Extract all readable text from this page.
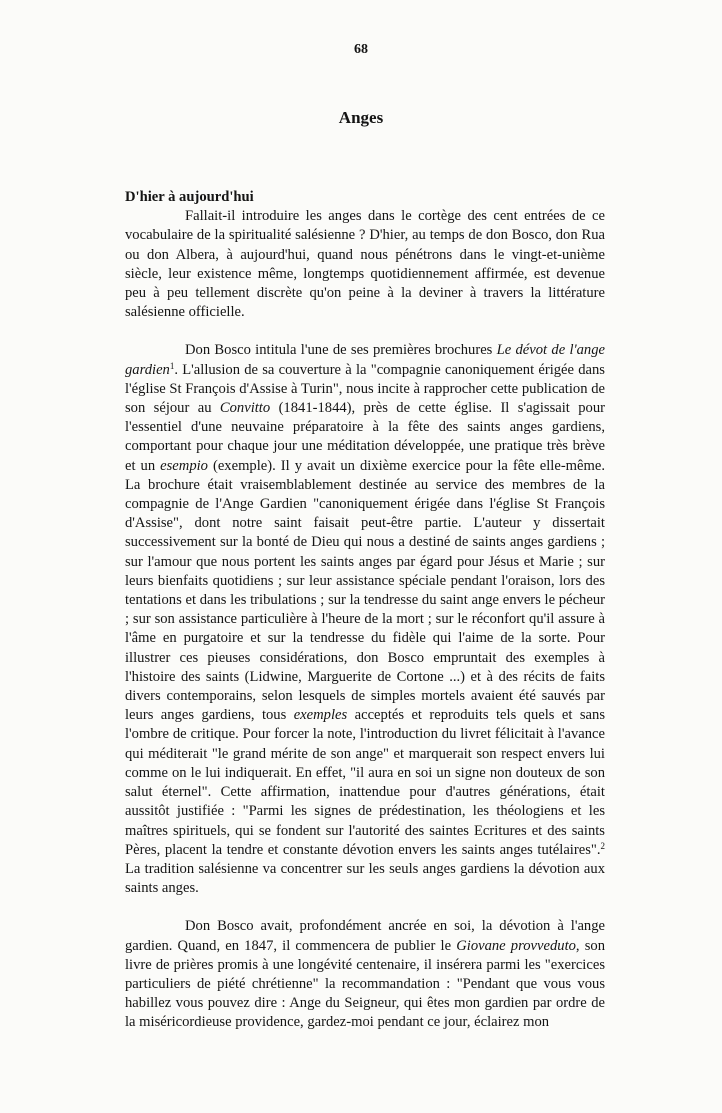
68
Anges
D'hier à aujourd'hui

Fallait-il introduire les anges dans le cortège des cent entrées de ce vocabulaire de la spiritualité salésienne ? D'hier, au temps de don Bosco, don Rua ou don Albera, à aujourd'hui, quand nous pénétrons dans le vingt-et-unième siècle, leur existence même, longtemps quotidiennement affirmée, est devenue peu à peu tellement discrète qu'on peine à la deviner à travers la littérature salésienne officielle.

Don Bosco intitula l'une de ses premières brochures Le dévot de l'ange gardien$^1$. L'allusion de sa couverture à la "compagnie canoniquement érigée dans l'église St François d'Assise à Turin", nous incite à rapprocher cette publication de son séjour au Convitto (1841-1844), près de cette église. Il s'agissait pour l'essentiel d'une neuvaine préparatoire à la fête des saints anges gardiens, comportant pour chaque jour une méditation développée, une pratique très brève et un esempio (exemple). Il y avait un dixième exercice pour la fête elle-même. La brochure était vraisemblablement destinée au service des membres de la compagnie de l'Ange Gardien "canoniquement érigée dans l'église St François d'Assise", dont notre saint faisait peut-être partie. L'auteur y dissertait successivement sur la bonté de Dieu qui nous a destiné de saints anges gardiens ; sur l'amour que nous portent les saints anges par égard pour Jésus et Marie ; sur leurs bienfaits quotidiens ; sur leur assistance spéciale pendant l'oraison, lors des tentations et dans les tribulations ; sur la tendresse du saint ange envers le pécheur ; sur son assistance particulière à l'heure de la mort ; sur le réconfort qu'il assure à l'âme en purgatoire et sur la tendresse du fidèle qui l'aime de la sorte. Pour illustrer ces pieuses considérations, don Bosco empruntait des exemples à l'histoire des saints (Lidwine, Marguerite de Cortone ...) et à des récits de faits divers contemporains, selon lesquels de simples mortels avaient été sauvés par leurs anges gardiens, tous exemples acceptés et reproduits tels quels et sans l'ombre de critique. Pour forcer la note, l'introduction du livret félicitait à l'avance qui méditerait "le grand mérite de son ange" et marquerait son respect envers lui comme on le lui indiquerait. En effet, "il aura en soi un signe non douteux de son salut éternel". Cette affirmation, inattendue pour d'autres générations, était aussitôt justifiée : "Parmi les signes de prédestination, les théologiens et les maîtres spirituels, qui se fondent sur l'autorité des saintes Ecritures et des saints Pères, placent la tendre et constante dévotion envers les saints anges tutélaires".$^2$ La tradition salésienne va concentrer sur les seuls anges gardiens la dévotion aux saints anges.

Don Bosco avait, profondément ancrée en soi, la dévotion à l'ange gardien. Quand, en 1847, il commencera de publier le Giovane provveduto, son livre de prières promis à une longévité centenaire, il insérera parmi les "exercices particuliers de piété chrétienne" la recommandation : "Pendant que vous vous habillez vous pouvez dire : Ange du Seigneur, qui êtes mon gardien par ordre de la miséricordieuse providence, gardez-moi pendant ce jour, éclairez mon
